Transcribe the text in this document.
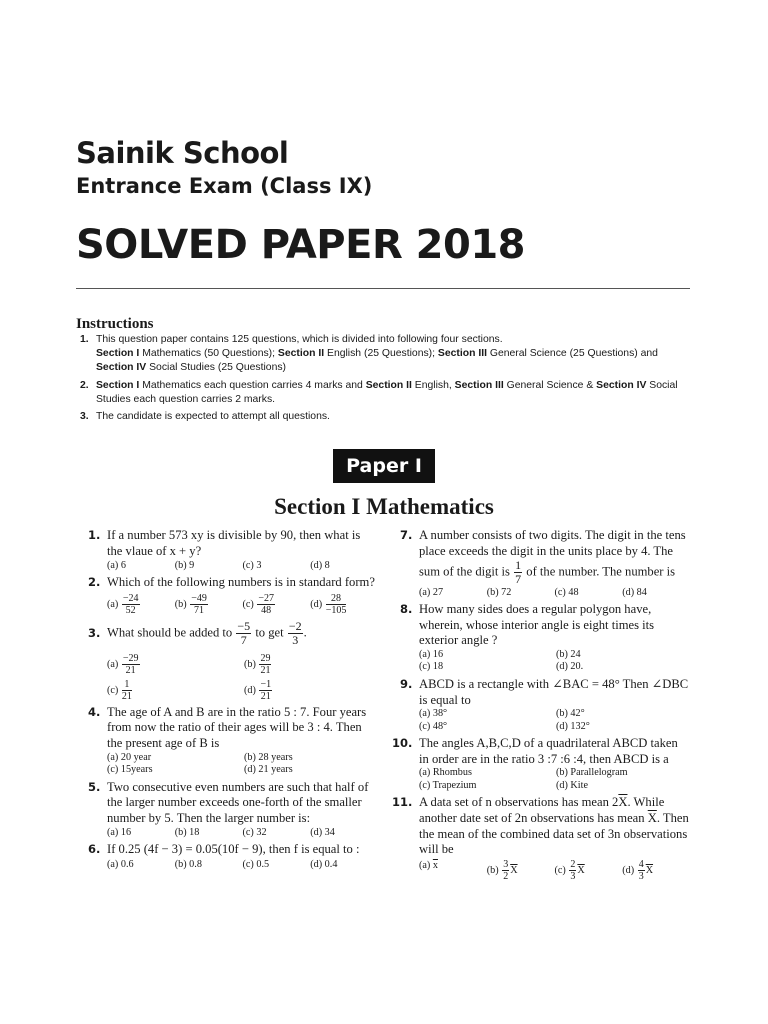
Sainik School
Entrance Exam (Class IX)
SOLVED PAPER 2018
Instructions
1. This question paper contains 125 questions, which is divided into following four sections.
Section I Mathematics (50 Questions); Section II English (25 Questions); Section III General Science (25 Questions) and Section IV Social Studies (25 Questions)
2. Section I Mathematics each question carries 4 marks and Section II English, Section III General Science & Section IV Social Studies each question carries 2 marks.
3. The candidate is expected to attempt all questions.
Paper I
Section I Mathematics
1. If a number 573 xy is divisible by 90, then what is the vlaue of x + y?
(a) 6	(b) 9	(c) 3	(d) 8
2. Which of the following numbers is in standard form?
$(a) \frac{-24}{52}$	$(b) \frac{-49}{71}$	$(c) \frac{-27}{48}$	$(d) \frac{28}{-105}$
3. What should be added to $\frac{-5}{7}$ to get $\frac{-2}{3}$ .
$(a) \frac{-29}{21}$	$(b) \frac{29}{21}$
$(c) \frac{1}{21}$	$(d) \frac{-1}{21}$
4. The age of A and B are in the ratio 5 : 7. Four years from now the ratio of their ages will be 3 : 4. Then the present age of B is
(a) 20 year	(b) 28 years
(c) 15years	(d) 21 years
5. Two consecutive even numbers are such that half of the larger number exceeds one-forth of the smaller number by 5. Then the larger number is:
(a) 16	(b) 18	(c) 32	(d) 34
6. If 0.25 (4f − 3) = 0.05(10f − 9), then f is equal to :
(a) 0.6	(b) 0.8	(c) 0.5	(d) 0.4
7. A number consists of two digits. The digit in the tens place exceeds the digit in the units place by 4. The sum of the digit is $\frac{1}{7}$ of the number. The number is
(a) 27	(b) 72	(c) 48	(d) 84
8. How many sides does a regular polygon have, wherein, whose interior angle is eight times its exterior angle ?
(a) 16	(b) 24
(c) 18	(d) 20.
9. ABCD is a rectangle with ∠BAC = 48° Then ∠DBC is equal to
(a) 38°	(b) 42°
(c) 48°	(d) 132°
10. The angles A,B,C,D of a quadrilateral ABCD taken in order are in the ratio 3 :7 :6 :4, then ABCD is a
(a) Rhombus	(b) Parallelogram
(c) Trapezium	(d) Kite
11. A data set of n observations has mean $2\overline{X}$. While another date set of 2n observations has mean $\overline{X}$. Then the mean of the combined data set of 3n observations will be
(a) $\overline{x}$	$(b) \frac{3}{2} \overline{X}$	$(c) \frac{2}{3} \overline{X}$	$(d) \frac{4}{3} \overline{X}$
